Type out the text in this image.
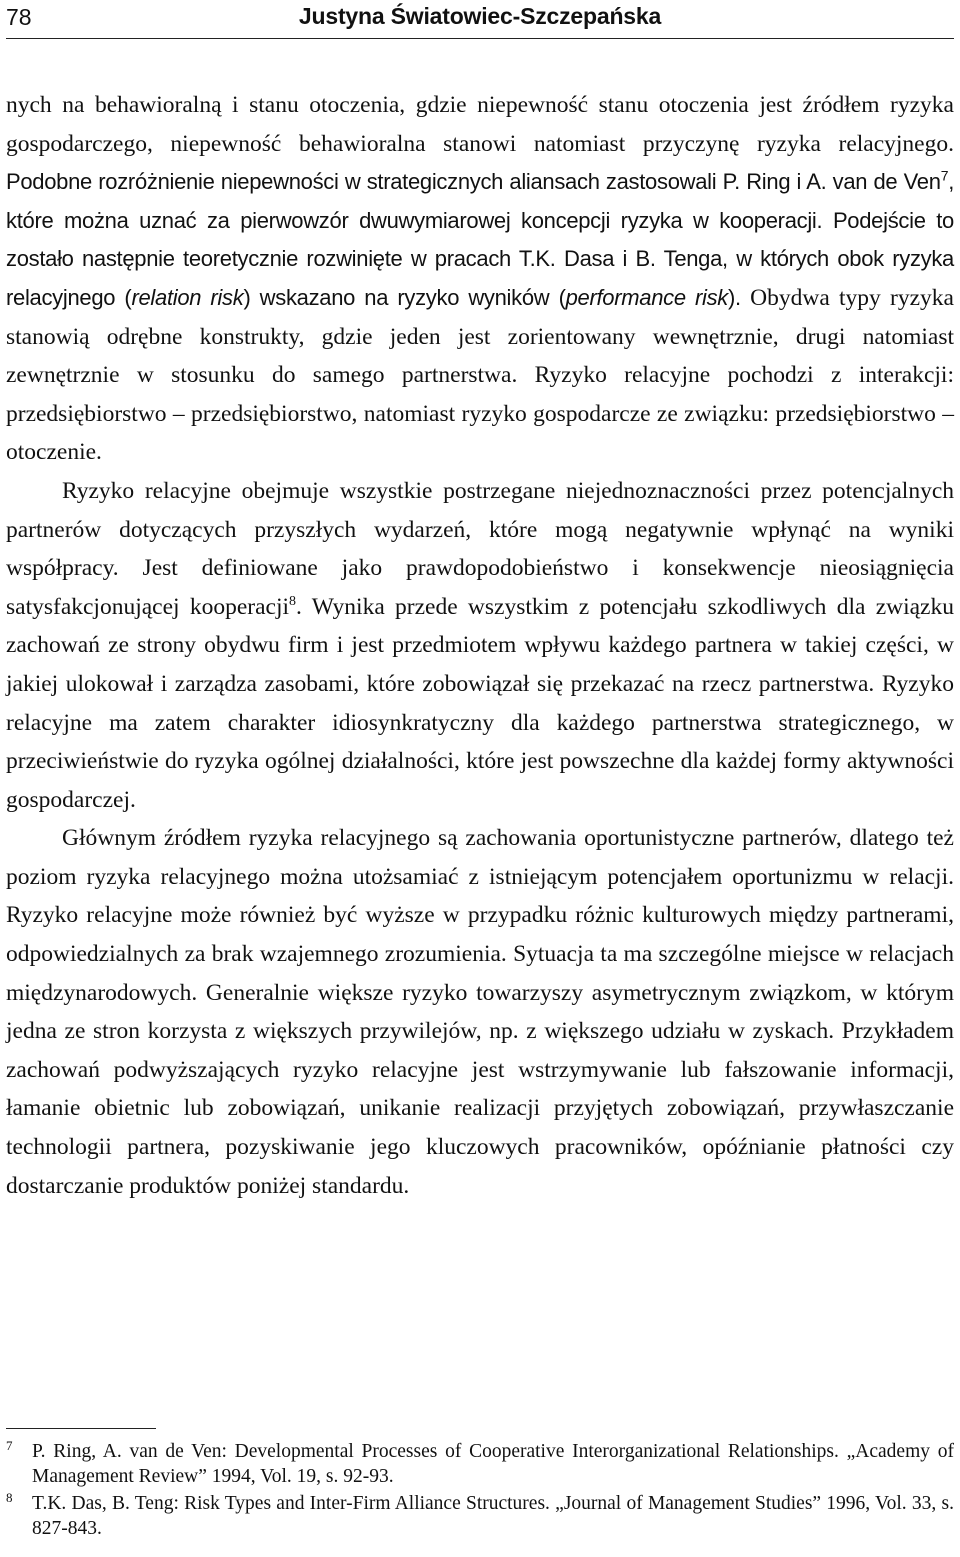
78	Justyna Światowiec-Szczepańska

nych na behawioralną i stanu otoczenia, gdzie niepewność stanu otoczenia jest źródłem ryzyka gospodarczego, niepewność behawioralna stanowi natomiast przyczynę ryzyka relacyjnego. Podobne rozróżnienie niepewności w strategicznych aliansach zastosowali P. Ring i A. van de Ven$^7$, które można uznać za pierwowzór dwuwymiarowej koncepcji ryzyka w kooperacji. Podejście to zostało następnie teoretycznie rozwinięte w pracach T.K. Dasa i B. Tenga, w których obok ryzyka relacyjnego (relation risk) wskazano na ryzyko wyników (performance risk). Obydwa typy ryzyka stanowią odrębne konstrukty, gdzie jeden jest zorientowany wewnętrznie, drugi natomiast zewnętrznie w stosunku do samego partnerstwa. Ryzyko relacyjne pochodzi z interakcji: przedsiębiorstwo – przedsiębiorstwo, natomiast ryzyko gospodarcze ze związku: przedsiębiorstwo – otoczenie.

Ryzyko relacyjne obejmuje wszystkie postrzegane niejednoznaczności przez potencjalnych partnerów dotyczących przyszłych wydarzeń, które mogą negatywnie wpłynąć na wyniki współpracy. Jest definiowane jako prawdopodobieństwo i konsekwencje nieosiągnięcia satysfakcjonującej kooperacji$^8$. Wynika przede wszystkim z potencjału szkodliwych dla związku zachowań ze strony obydwu firm i jest przedmiotem wpływu każdego partnera w takiej części, w jakiej ulokował i zarządza zasobami, które zobowiązał się przekazać na rzecz partnerstwa. Ryzyko relacyjne ma zatem charakter idiosynkratyczny dla każdego partnerstwa strategicznego, w przeciwieństwie do ryzyka ogólnej działalności, które jest powszechne dla każdej formy aktywności gospodarczej.

Głównym źródłem ryzyka relacyjnego są zachowania oportunistyczne partnerów, dlatego też poziom ryzyka relacyjnego można utożsamiać z istniejącym potencjałem oportunizmu w relacji. Ryzyko relacyjne może również być wyższe w przypadku różnic kulturowych między partnerami, odpowiedzialnych za brak wzajemnego zrozumienia. Sytuacja ta ma szczególne miejsce w relacjach międzynarodowych. Generalnie większe ryzyko towarzyszy asymetrycznym związkom, w którym jedna ze stron korzysta z większych przywilejów, np. z większego udziału w zyskach. Przykładem zachowań podwyższających ryzyko relacyjne jest wstrzymywanie lub fałszowanie informacji, łamanie obietnic lub zobowiązań, unikanie realizacji przyjętych zobowiązań, przywłaszczanie technologii partnera, pozyskiwanie jego kluczowych pracowników, opóźnianie płatności czy dostarczanie produktów poniżej standardu.

7 P. Ring, A. van de Ven: Developmental Processes of Cooperative Interorganizational Relationships. „Academy of Management Review” 1994, Vol. 19, s. 92-93.
8 T.K. Das, B. Teng: Risk Types and Inter-Firm Alliance Structures. „Journal of Management Studies” 1996, Vol. 33, s. 827-843.
